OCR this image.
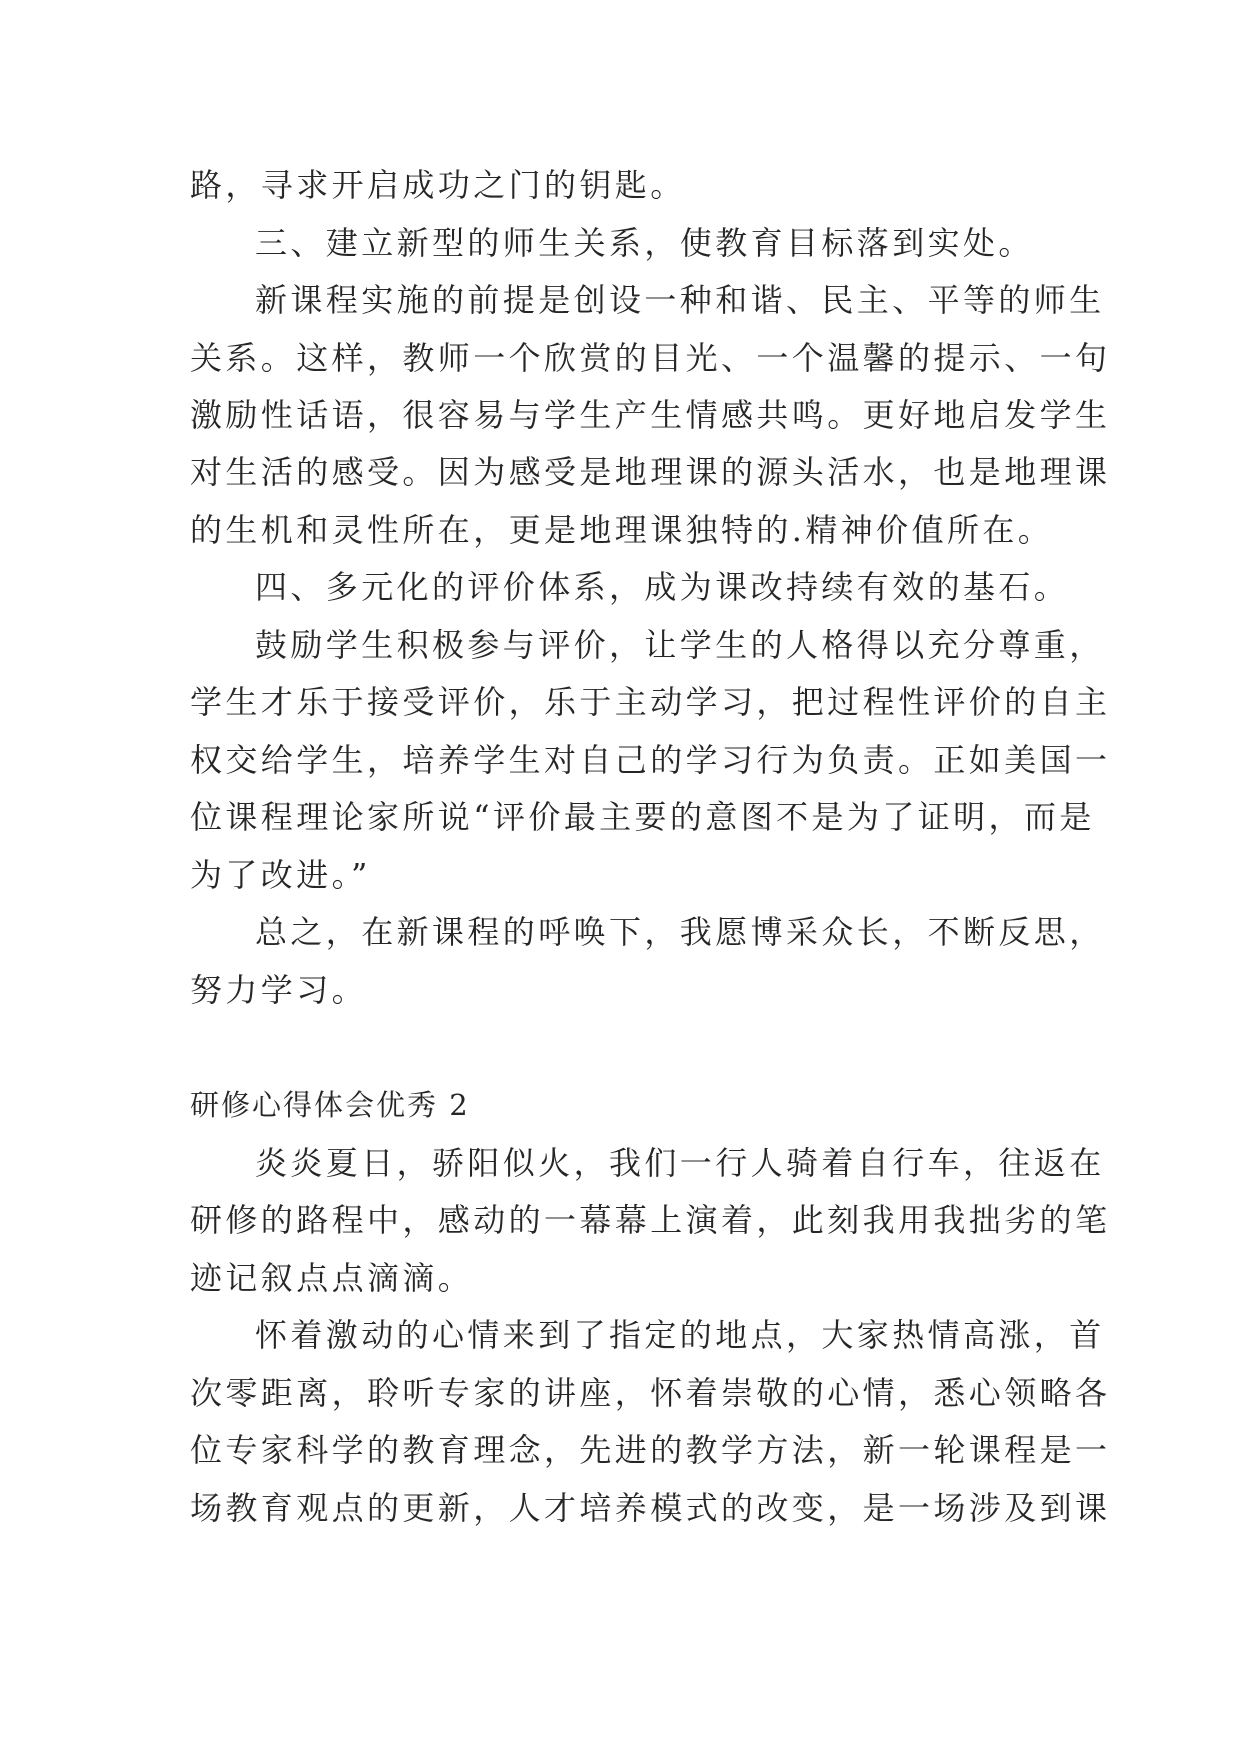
路，寻求开启成功之门的钥匙。
三、建立新型的师生关系，使教育目标落到实处。
新课程实施的前提是创设一种和谐、民主、平等的师生
关系。这样，教师一个欣赏的目光、一个温馨的提示、一句
激励性话语，很容易与学生产生情感共鸣。更好地启发学生
对生活的感受。因为感受是地理课的源头活水，也是地理课
的生机和灵性所在，更是地理课独特的.精神价值所在。
四、多元化的评价体系，成为课改持续有效的基石。
鼓励学生积极参与评价，让学生的人格得以充分尊重，
学生才乐于接受评价，乐于主动学习，把过程性评价的自主
权交给学生，培养学生对自己的学习行为负责。正如美国一
位课程理论家所说“评价最主要的意图不是为了证明，而是
为了改进。”
总之，在新课程的呼唤下，我愿博采众长，不断反思，
努力学习。
研修心得体会优秀 2
炎炎夏日，骄阳似火，我们一行人骑着自行车，往返在
研修的路程中，感动的一幕幕上演着，此刻我用我拙劣的笔
迹记叙点点滴滴。
怀着激动的心情来到了指定的地点，大家热情高涨，首
次零距离，聆听专家的讲座，怀着崇敬的心情，悉心领略各
位专家科学的教育理念，先进的教学方法，新一轮课程是一
场教育观点的更新，人才培养模式的改变，是一场涉及到课
